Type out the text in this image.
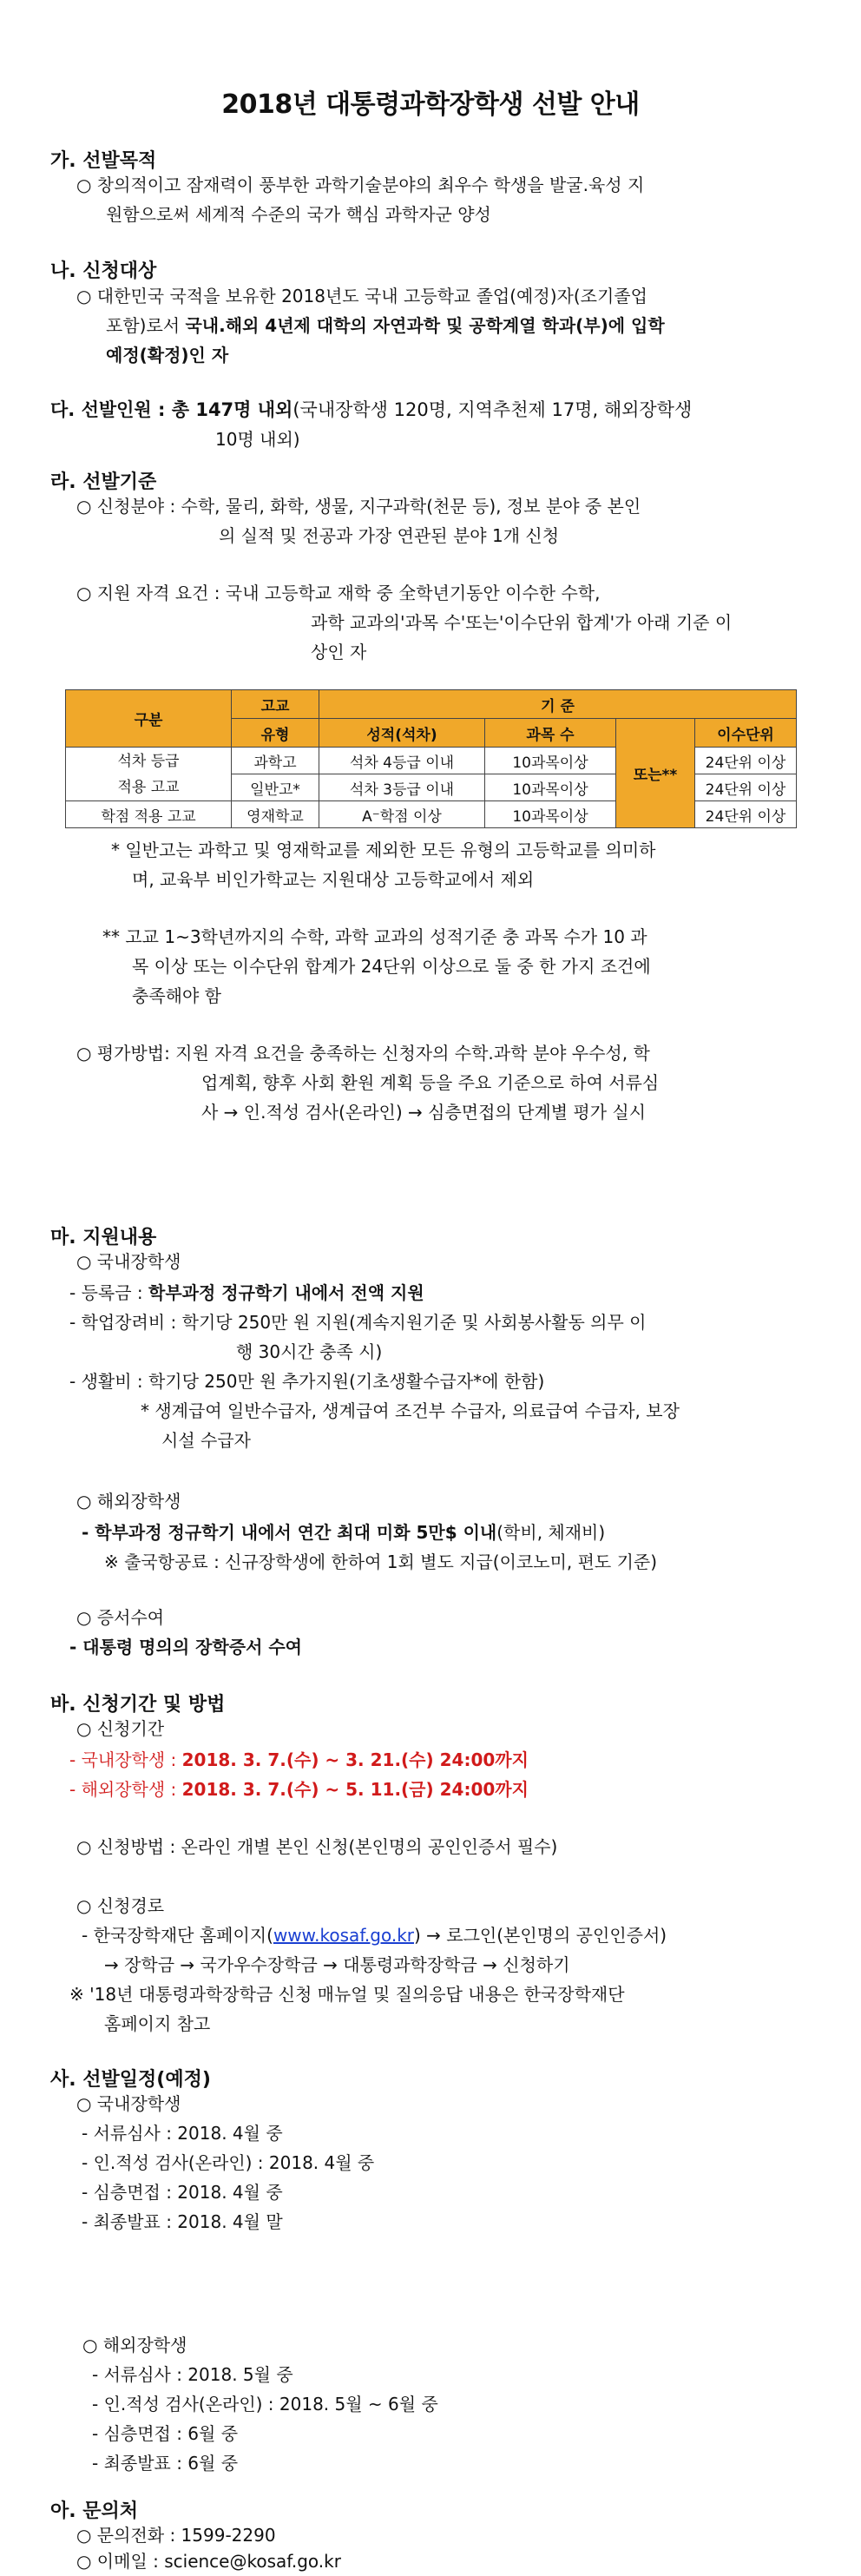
2018년 대통령과학장학생 선발 안내
가. 선발목적
○ 창의적이고 잠재력이 풍부한 과학기술분야의 최우수 학생을 발굴.육성 지
원함으로써 세계적 수준의 국가 핵심 과학자군 양성
나. 신청대상
○ 대한민국 국적을 보유한 2018년도 국내 고등학교 졸업(예정)자(조기졸업
포함)로서 국내.해외 4년제 대학의 자연과학 및 공학계열 학과(부)에 입학
예정(확정)인 자
다. 선발인원 : 총 147명 내외(국내장학생 120명, 지역추천제 17명, 해외장학생
10명 내외)
라. 선발기준
○ 신청분야 : 수학, 물리, 화학, 생물, 지구과학(천문 등), 정보 분야 중 본인
의 실적 및 전공과 가장 연관된 분야 1개 신청
○ 지원 자격 요건 : 국내 고등학교 재학 중 全학년기동안 이수한 수학,
과학 교과의'과목 수'또는'이수단위 합계'가 아래 기준 이
상인 자
구분	고교	기 준			
	유형	성적(석차)	과목 수	또는**	이수단위
석차 등급
적용 고교	과학고	석차 4등급 이내	10과목이상		24단위 이상
	일반고*	석차 3등급 이내	10과목이상		24단위 이상
학점 적용 고교	영재학교	A⁻학점 이상	10과목이상		24단위 이상
* 일반고는 과학고 및 영재학교를 제외한 모든 유형의 고등학교를 의미하
며, 교육부 비인가학교는 지원대상 고등학교에서 제외
** 고교 1~3학년까지의 수학, 과학 교과의 성적기준 충 과목 수가 10 과
목 이상 또는 이수단위 합계가 24단위 이상으로 둘 중 한 가지 조건에
충족해야 함
○ 평가방법: 지원 자격 요건을 충족하는 신청자의 수학.과학 분야 우수성, 학
업계획, 향후 사회 환원 계획 등을 주요 기준으로 하여 서류심
사 → 인.적성 검사(온라인) → 심층면접의 단계별 평가 실시
마. 지원내용
○ 국내장학생
- 등록금 : 학부과정 정규학기 내에서 전액 지원
- 학업장려비 : 학기당 250만 원 지원(계속지원기준 및 사회봉사활동 의무 이
행 30시간 충족 시)
- 생활비 : 학기당 250만 원 추가지원(기초생활수급자*에 한함)
* 생계급여 일반수급자, 생계급여 조건부 수급자, 의료급여 수급자, 보장
시설 수급자
○ 해외장학생
- 학부과정 정규학기 내에서 연간 최대 미화 5만$ 이내(학비, 체재비)
※ 출국항공료 : 신규장학생에 한하여 1회 별도 지급(이코노미, 편도 기준)
○ 증서수여
- 대통령 명의의 장학증서 수여
바. 신청기간 및 방법
○ 신청기간
- 국내장학생 : 2018. 3. 7.(수) ~ 3. 21.(수) 24:00까지
- 해외장학생 : 2018. 3. 7.(수) ~ 5. 11.(금) 24:00까지
○ 신청방법 : 온라인 개별 본인 신청(본인명의 공인인증서 필수)
○ 신청경로
- 한국장학재단 홈페이지(www.kosaf.go.kr) → 로그인(본인명의 공인인증서)
→ 장학금 → 국가우수장학금 → 대통령과학장학금 → 신청하기
※ '18년 대통령과학장학금 신청 매뉴얼 및 질의응답 내용은 한국장학재단
홈페이지 참고
사. 선발일정(예정)
○ 국내장학생
- 서류심사 : 2018. 4월 중
- 인.적성 검사(온라인) : 2018. 4월 중
- 심층면접 : 2018. 4월 중
- 최종발표 : 2018. 4월 말
○ 해외장학생
- 서류심사 : 2018. 5월 중
- 인.적성 검사(온라인) : 2018. 5월 ~ 6월 중
- 심층면접 : 6월 중
- 최종발표 : 6월 중
아. 문의처
○ 문의전화 : 1599-2290
○ 이메일 : science@kosaf.go.kr
